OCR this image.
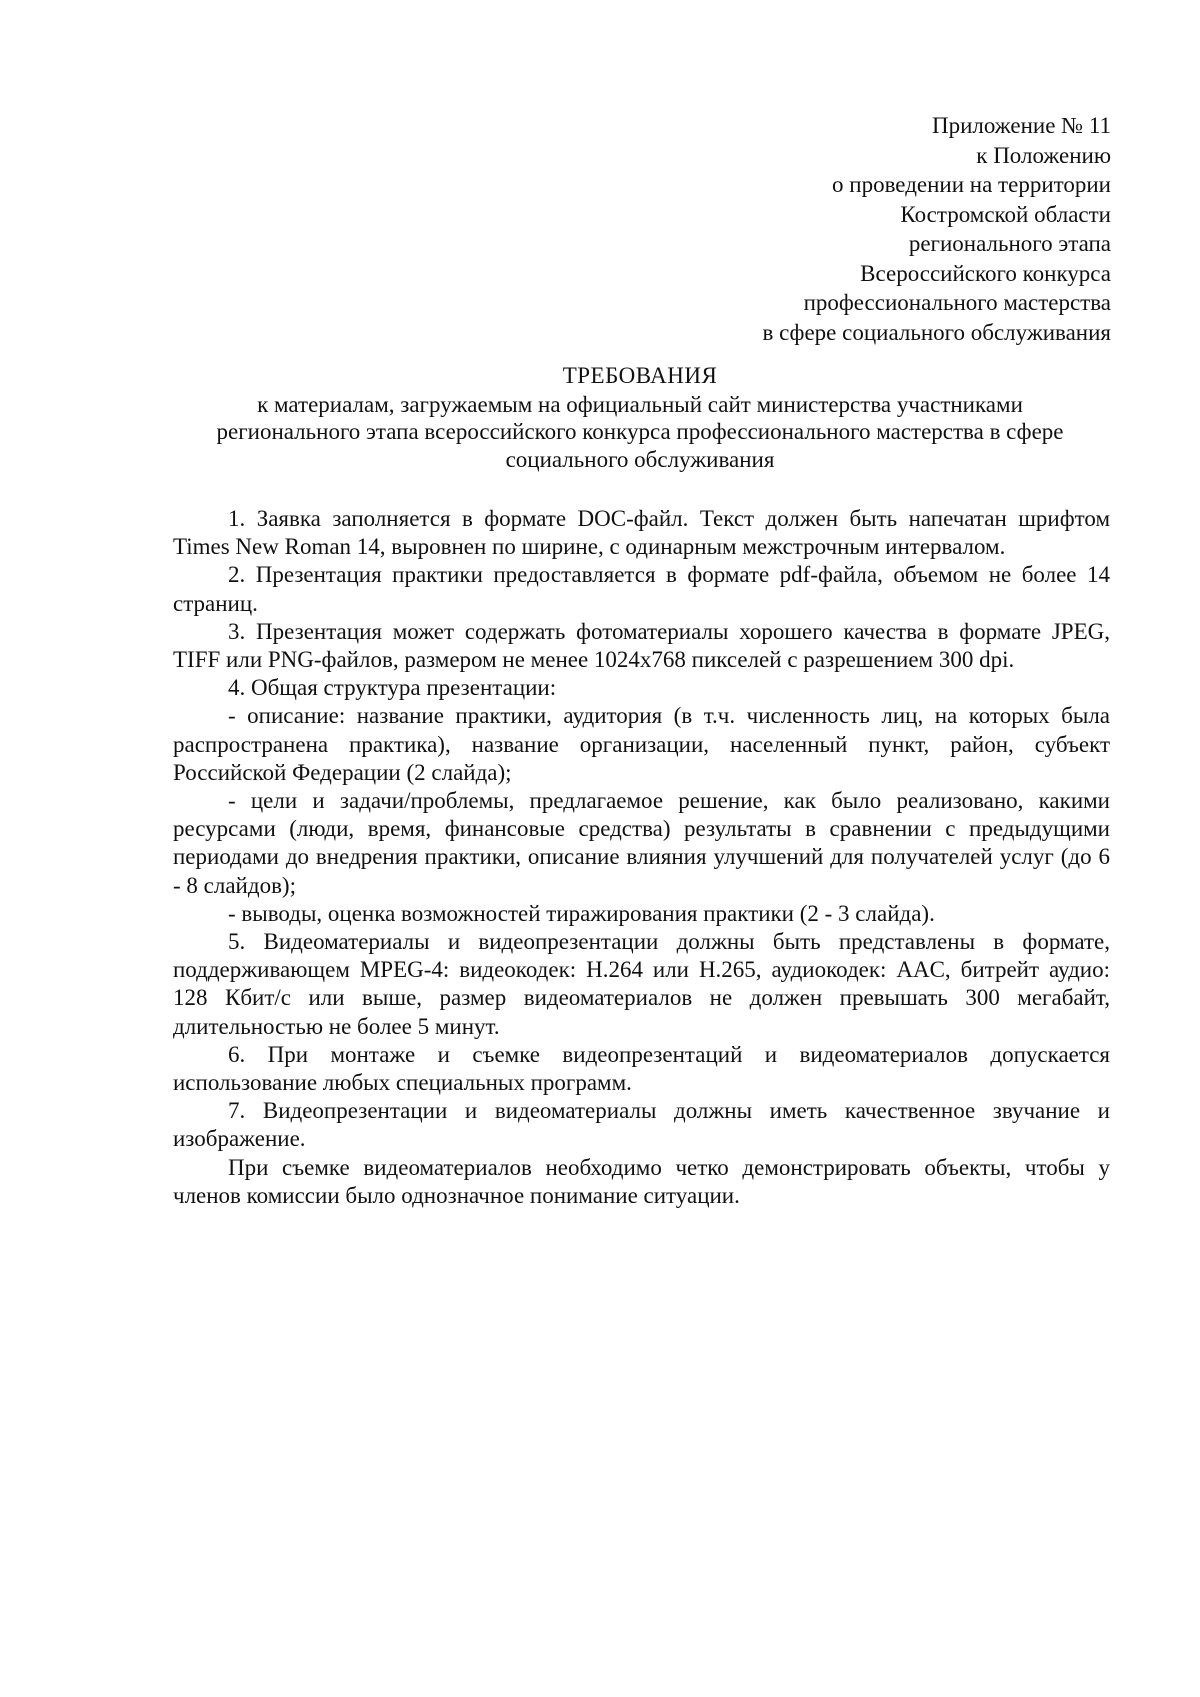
Приложение № 11
к Положению
о проведении на территории
Костромской области
регионального этапа
Всероссийского конкурса
профессионального мастерства
в сфере социального обслуживания
ТРЕБОВАНИЯ
к материалам, загружаемым на официальный сайт министерства участниками
регионального этапа всероссийского конкурса профессионального мастерства в сфере
социального обслуживания

1. Заявка заполняется в формате DOC-файл. Текст должен быть напечатан шрифтом Times New Roman 14, выровнен по ширине, с одинарным межстрочным интервалом.

2. Презентация практики предоставляется в формате pdf-файла, объемом не более 14 страниц.

3. Презентация может содержать фотоматериалы хорошего качества в формате JPEG, TIFF или PNG-файлов, размером не менее 1024x768 пикселей с разрешением 300 dpi.

4. Общая структура презентации:

- описание: название практики, аудитория (в т.ч. численность лиц, на которых была распространена практика), название организации, населенный пункт, район, субъект Российской Федерации (2 слайда);

- цели и задачи/проблемы, предлагаемое решение, как было реализовано, какими ресурсами (люди, время, финансовые средства) результаты в сравнении с предыдущими периодами до внедрения практики, описание влияния улучшений для получателей услуг (до 6 - 8 слайдов);

- выводы, оценка возможностей тиражирования практики (2 - 3 слайда).

5. Видеоматериалы и видеопрезентации должны быть представлены в формате, поддерживающем MPEG-4: видеокодек: H.264 или H.265, аудиокодек: AAC, битрейт аудио: 128 Кбит/с или выше, размер видеоматериалов не должен превышать 300 мегабайт, длительностью не более 5 минут.

6. При монтаже и съемке видеопрезентаций и видеоматериалов допускается использование любых специальных программ.

7. Видеопрезентации и видеоматериалы должны иметь качественное звучание и изображение.

При съемке видеоматериалов необходимо четко демонстрировать объекты, чтобы у членов комиссии было однозначное понимание ситуации.
